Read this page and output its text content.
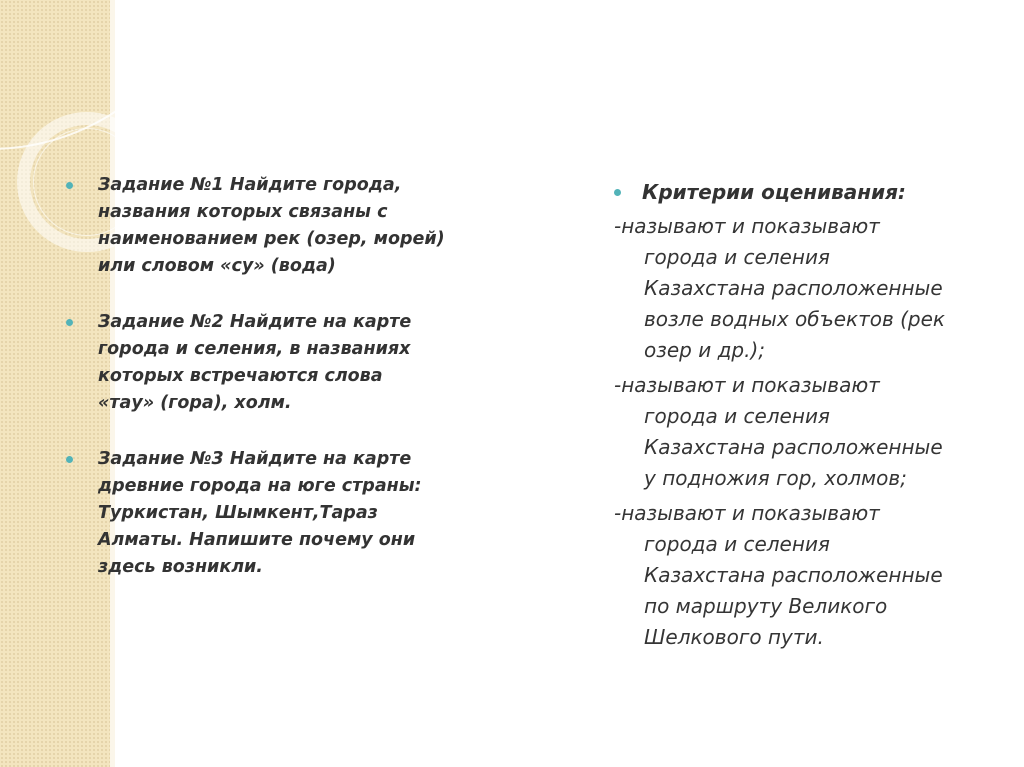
Задание №1 Найдите города,
названия которых связаны с
наименованием рек (озер, морей)
или словом «су» (вода)
Задание №2 Найдите на карте
города и селения, в названиях
которых встречаются слова
«тау» (гора), холм.
Задание №3 Найдите на карте
древние города на юге страны:
Туркистан, Шымкент,Тараз
Алматы. Напишите почему они
здесь возникли.
Критерии оценивания:
-называют и показывают
города и селения
Казахстана расположенные
возле водных объектов (рек
озер и др.);
-называют и показывают
города и селения
Казахстана расположенные
у подножия гор, холмов;
-называют и показывают
города и селения
Казахстана расположенные
по маршруту Великого
Шелкового пути.
